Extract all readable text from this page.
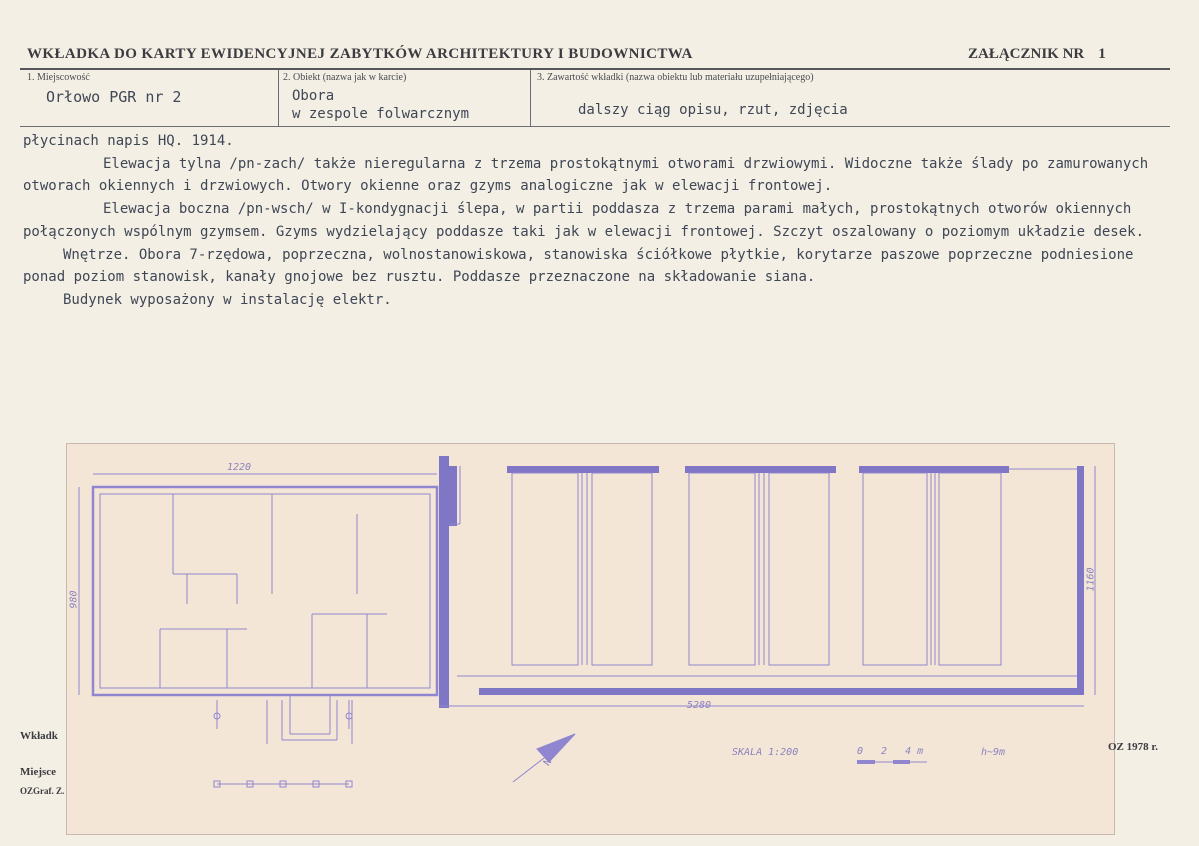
WKŁADKA DO KARTY EWIDENCYJNEJ ZABYTKÓW ARCHITEKTURY I BUDOWNICTWA	ZAŁĄCZNIK NR 1
1. Miejscowość
Orłowo PGR nr 2
2. Obiekt (nazwa jak w karcie)
Obora
w zespole folwarcznym
3. Zawartość wkładki (nazwa obiektu lub materiału uzupełniającego)
dalszy ciąg opisu, rzut, zdjęcia

płycinach napis HQ. 1914.

Elewacja tylna /pn-zach/ także nieregularna z trzema prostokątnymi otworami drzwiowymi. Widoczne także ślady po zamurowanych otworach okiennych i drzwiowych. Otwory okienne oraz gzyms analogiczne jak w elewacji frontowej.

Elewacja boczna /pn-wsch/ w I-kondygnacji ślepa, w partii poddasza z trzema parami małych, prostokątnych otworów okiennych połączonych wspólnym gzymsem. Gzyms wydzielający poddasze taki jak w elewacji frontowej. Szczyt oszalowany o poziomym układzie desek.

Wnętrze. Obora 7-rzędowa, poprzeczna, wolnostanowiskowa, stanowiska ściółkowe płytkie, korytarze paszowe poprzeczne podniesione ponad poziom stanowisk, kanały gnojowe bez rusztu. Poddasze przeznaczone na składowanie siana.

Budynek wyposażony w instalację elektr.

1220
980
1160
5280
N
SKALA 1:200	0 2 4m	h~9m
Wkładk
Miejsce
OZGraf. Z.
OZ 1978 r.
